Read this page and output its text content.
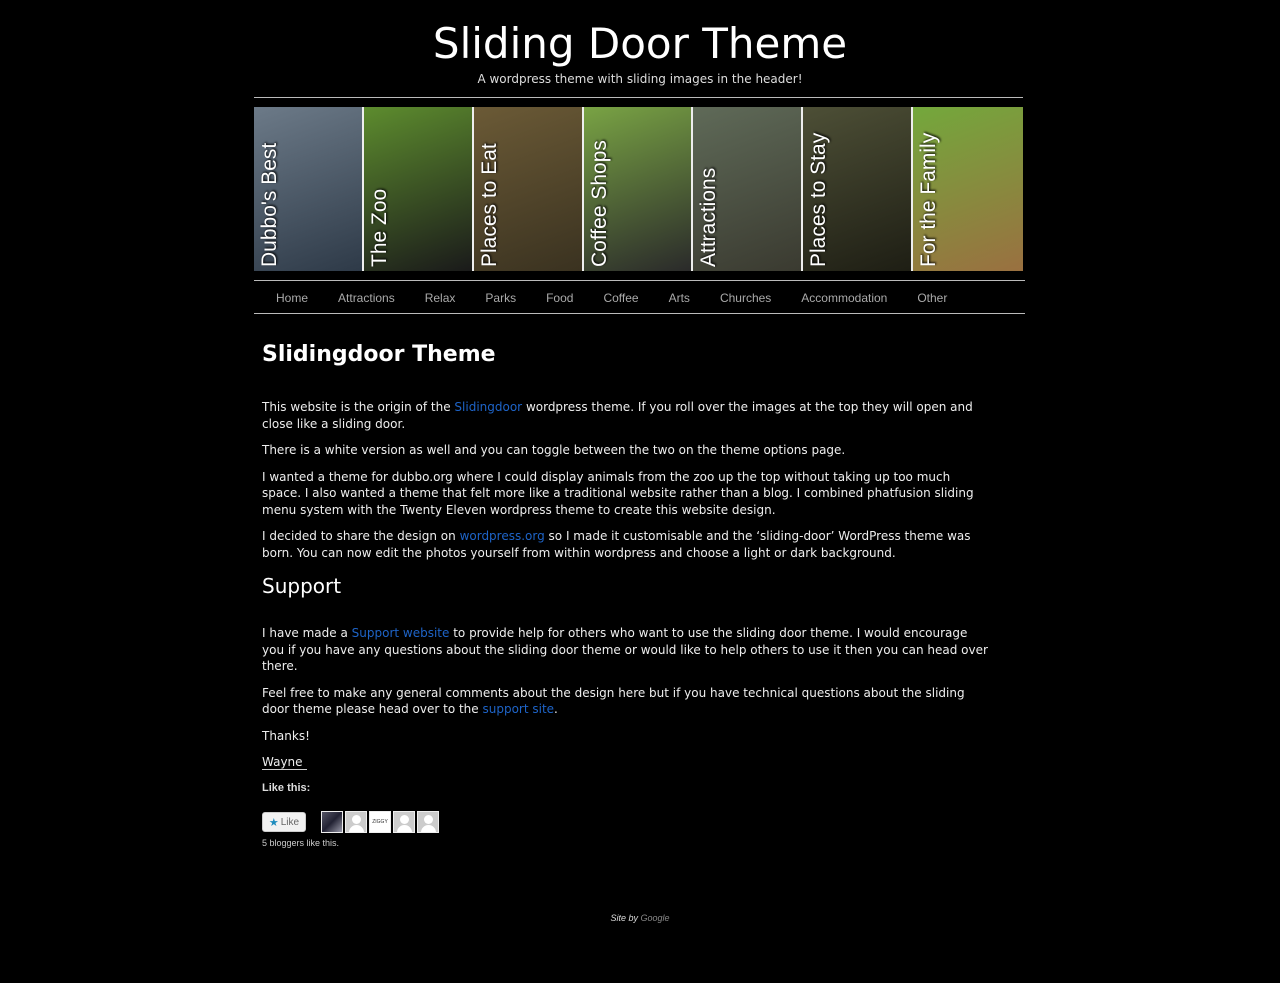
Sliding Door Theme
A wordpress theme with sliding images in the header!
Dubbo's Best	The Zoo	Places to Eat	Coffee Shops	Attractions	Places to Stay	For the Family
Home	Attractions	Relax	Parks	Food	Coffee	Arts	Churches	Accommodation	Other
Slidingdoor Theme

This website is the origin of the Slidingdoor wordpress theme. If you roll over the images at the top they will open and close like a sliding door.

There is a white version as well and you can toggle between the two on the theme options page.

I wanted a theme for dubbo.org where I could display animals from the zoo up the top without taking up too much space. I also wanted a theme that felt more like a traditional website rather than a blog. I combined phatfusion sliding menu system with the Twenty Eleven wordpress theme to create this website design.

I decided to share the design on wordpress.org so I made it customisable and the ‘sliding-door’ WordPress theme was born. You can now edit the photos yourself from within wordpress and choose a light or dark background.

Support

I have made a Support website to provide help for others who want to use the sliding door theme. I would encourage you if you have any questions about the sliding door theme or would like to help others to use it then you can head over there.

Feel free to make any general comments about the design here but if you have technical questions about the sliding door theme please head over to the support site.

Thanks!

Wayne

Like this:
★ Like	ZIGGY
5 bloggers like this.
Site by Google
